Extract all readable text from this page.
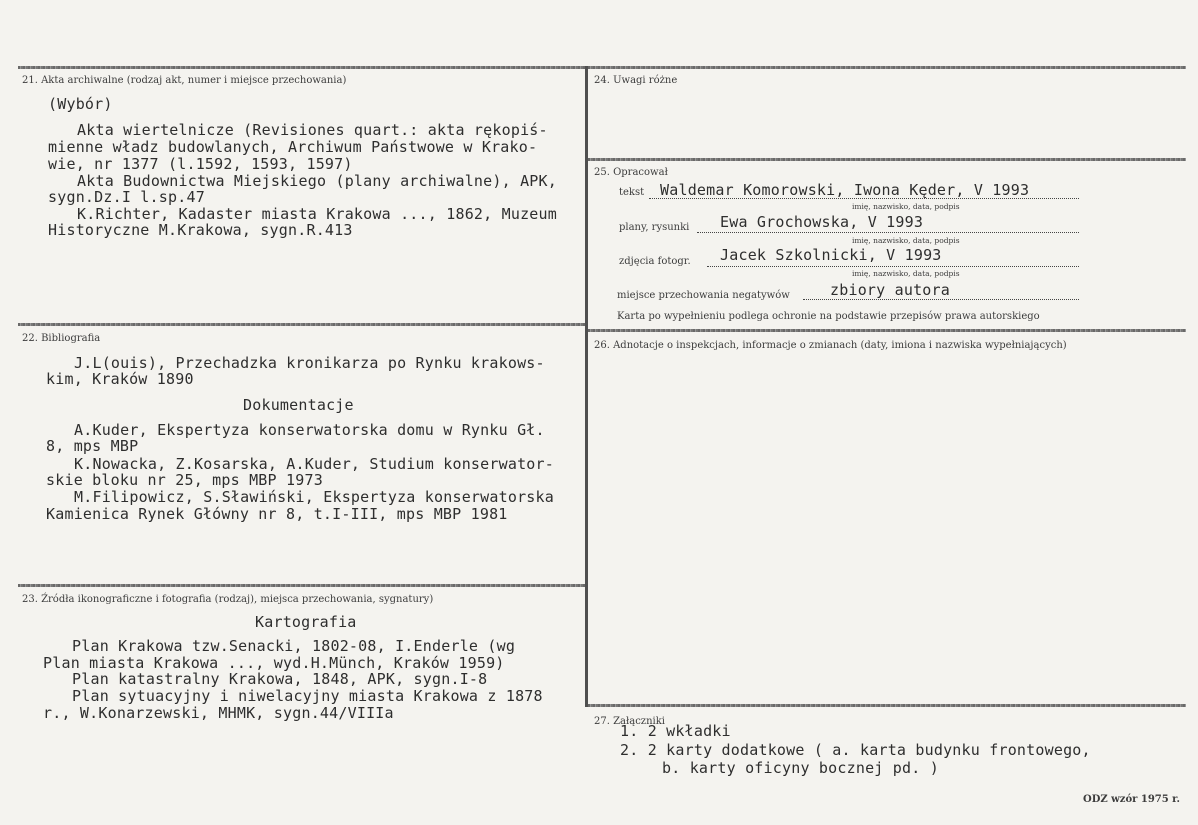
21. Akta archiwalne (rodzaj akt, numer i miejsce przechowania)
(Wybór)
Akta wiertelnicze (Revisiones quart.: akta rękopiś-
mienne władz budowlanych, Archiwum Państwowe w Krako-
wie, nr 1377 (l.1592, 1593, 1597)
Akta Budownictwa Miejskiego (plany archiwalne), APK,
sygn.Dz.I l.sp.47
K.Richter, Kadaster miasta Krakowa ..., 1862, Muzeum
Historyczne M.Krakowa, sygn.R.413
22. Bibliografia
J.L(ouis), Przechadzka kronikarza po Rynku krakows-
kim, Kraków 1890
Dokumentacje
A.Kuder, Ekspertyza konserwatorska domu w Rynku Gł.
8, mps MBP
K.Nowacka, Z.Kosarska, A.Kuder, Studium konserwator-
skie bloku nr 25, mps MBP 1973
M.Filipowicz, S.Sławiński, Ekspertyza konserwatorska
Kamienica Rynek Główny nr 8, t.I-III, mps MBP 1981
23. Źródła ikonograficzne i fotografia (rodzaj), miejsca przechowania, sygnatury)
Kartografia
Plan Krakowa tzw.Senacki, 1802-08, I.Enderle (wg
Plan miasta Krakowa ..., wyd.H.Münch, Kraków 1959)
Plan katastralny Krakowa, 1848, APK, sygn.I-8
Plan sytuacyjny i niwelacyjny miasta Krakowa z 1878
r., W.Konarzewski, MHMK, sygn.44/VIIIa
24. Uwagi różne
25. Opracował
tekst Waldemar Komorowski, Iwona Kęder, V 1993
imię, nazwisko, data, podpis
plany, rysunki Ewa Grochowska, V 1993
imię, nazwisko, data, podpis
zdjęcia fotogr. Jacek Szkolnicki, V 1993
imię, nazwisko, data, podpis
miejsce przechowania negatywów	zbiory autora
Karta po wypełnieniu podlega ochronie na podstawie przepisów prawa autorskiego
26. Adnotacje o inspekcjach, informacje o zmianach (daty, imiona i nazwiska wypełniających)
27. Załączniki
1. 2 wkładki
2. 2 karty dodatkowe ( a. karta budynku frontowego,
b. karty oficyny bocznej pd. )
ODZ wzór 1975 r.
